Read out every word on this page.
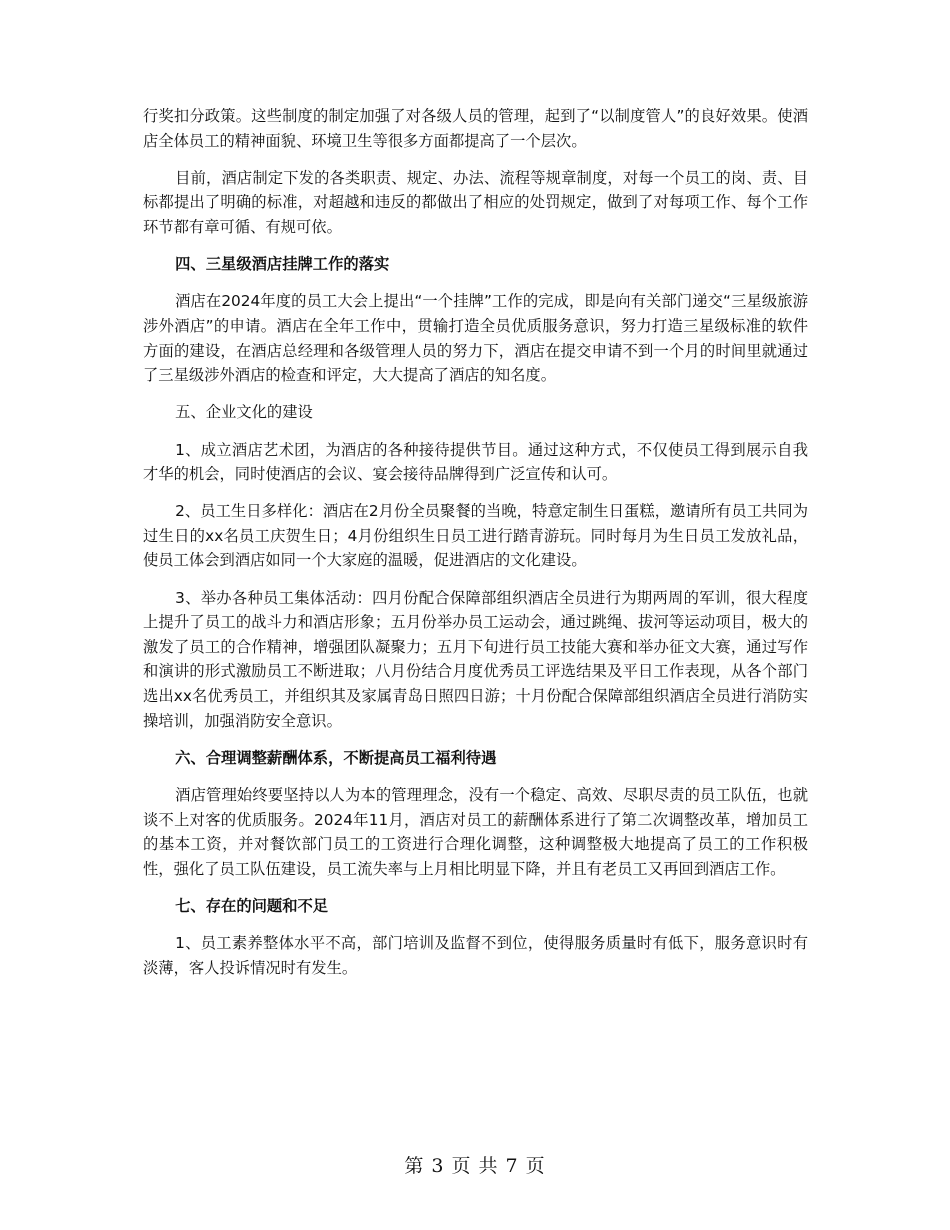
行奖扣分政策。这些制度的制定加强了对各级人员的管理，起到了“以制度管人”的良好效果。使酒店全体员工的精神面貌、环境卫生等很多方面都提高了一个层次。

目前，酒店制定下发的各类职责、规定、办法、流程等规章制度，对每一个员工的岗、责、目标都提出了明确的标准，对超越和违反的都做出了相应的处罚规定，做到了对每项工作、每个工作环节都有章可循、有规可依。

四、三星级酒店挂牌工作的落实

酒店在2024年度的员工大会上提出“一个挂牌”工作的完成，即是向有关部门递交“三星级旅游涉外酒店”的申请。酒店在全年工作中，贯输打造全员优质服务意识，努力打造三星级标准的软件方面的建设，在酒店总经理和各级管理人员的努力下，酒店在提交申请不到一个月的时间里就通过了三星级涉外酒店的检查和评定，大大提高了酒店的知名度。

五、企业文化的建设

1、成立酒店艺术团，为酒店的各种接待提供节目。通过这种方式，不仅使员工得到展示自我才华的机会，同时使酒店的会议、宴会接待品牌得到广泛宣传和认可。

2、员工生日多样化：酒店在2月份全员聚餐的当晚，特意定制生日蛋糕，邀请所有员工共同为过生日的xx名员工庆贺生日；4月份组织生日员工进行踏青游玩。同时每月为生日员工发放礼品，使员工体会到酒店如同一个大家庭的温暖，促进酒店的文化建设。

3、举办各种员工集体活动：四月份配合保障部组织酒店全员进行为期两周的军训，很大程度上提升了员工的战斗力和酒店形象；五月份举办员工运动会，通过跳绳、拔河等运动项目，极大的激发了员工的合作精神，增强团队凝聚力；五月下旬进行员工技能大赛和举办征文大赛，通过写作和演讲的形式激励员工不断进取；八月份结合月度优秀员工评选结果及平日工作表现，从各个部门选出xx名优秀员工，并组织其及家属青岛日照四日游；十月份配合保障部组织酒店全员进行消防实操培训，加强消防安全意识。

六、合理调整薪酬体系，不断提高员工福利待遇

酒店管理始终要坚持以人为本的管理理念，没有一个稳定、高效、尽职尽责的员工队伍，也就谈不上对客的优质服务。2024年11月，酒店对员工的薪酬体系进行了第二次调整改革，增加员工的基本工资，并对餐饮部门员工的工资进行合理化调整，这种调整极大地提高了员工的工作积极性，强化了员工队伍建设，员工流失率与上月相比明显下降，并且有老员工又再回到酒店工作。

七、存在的问题和不足

1、员工素养整体水平不高，部门培训及监督不到位，使得服务质量时有低下，服务意识时有淡薄，客人投诉情况时有发生。

第 3 页 共 7 页
